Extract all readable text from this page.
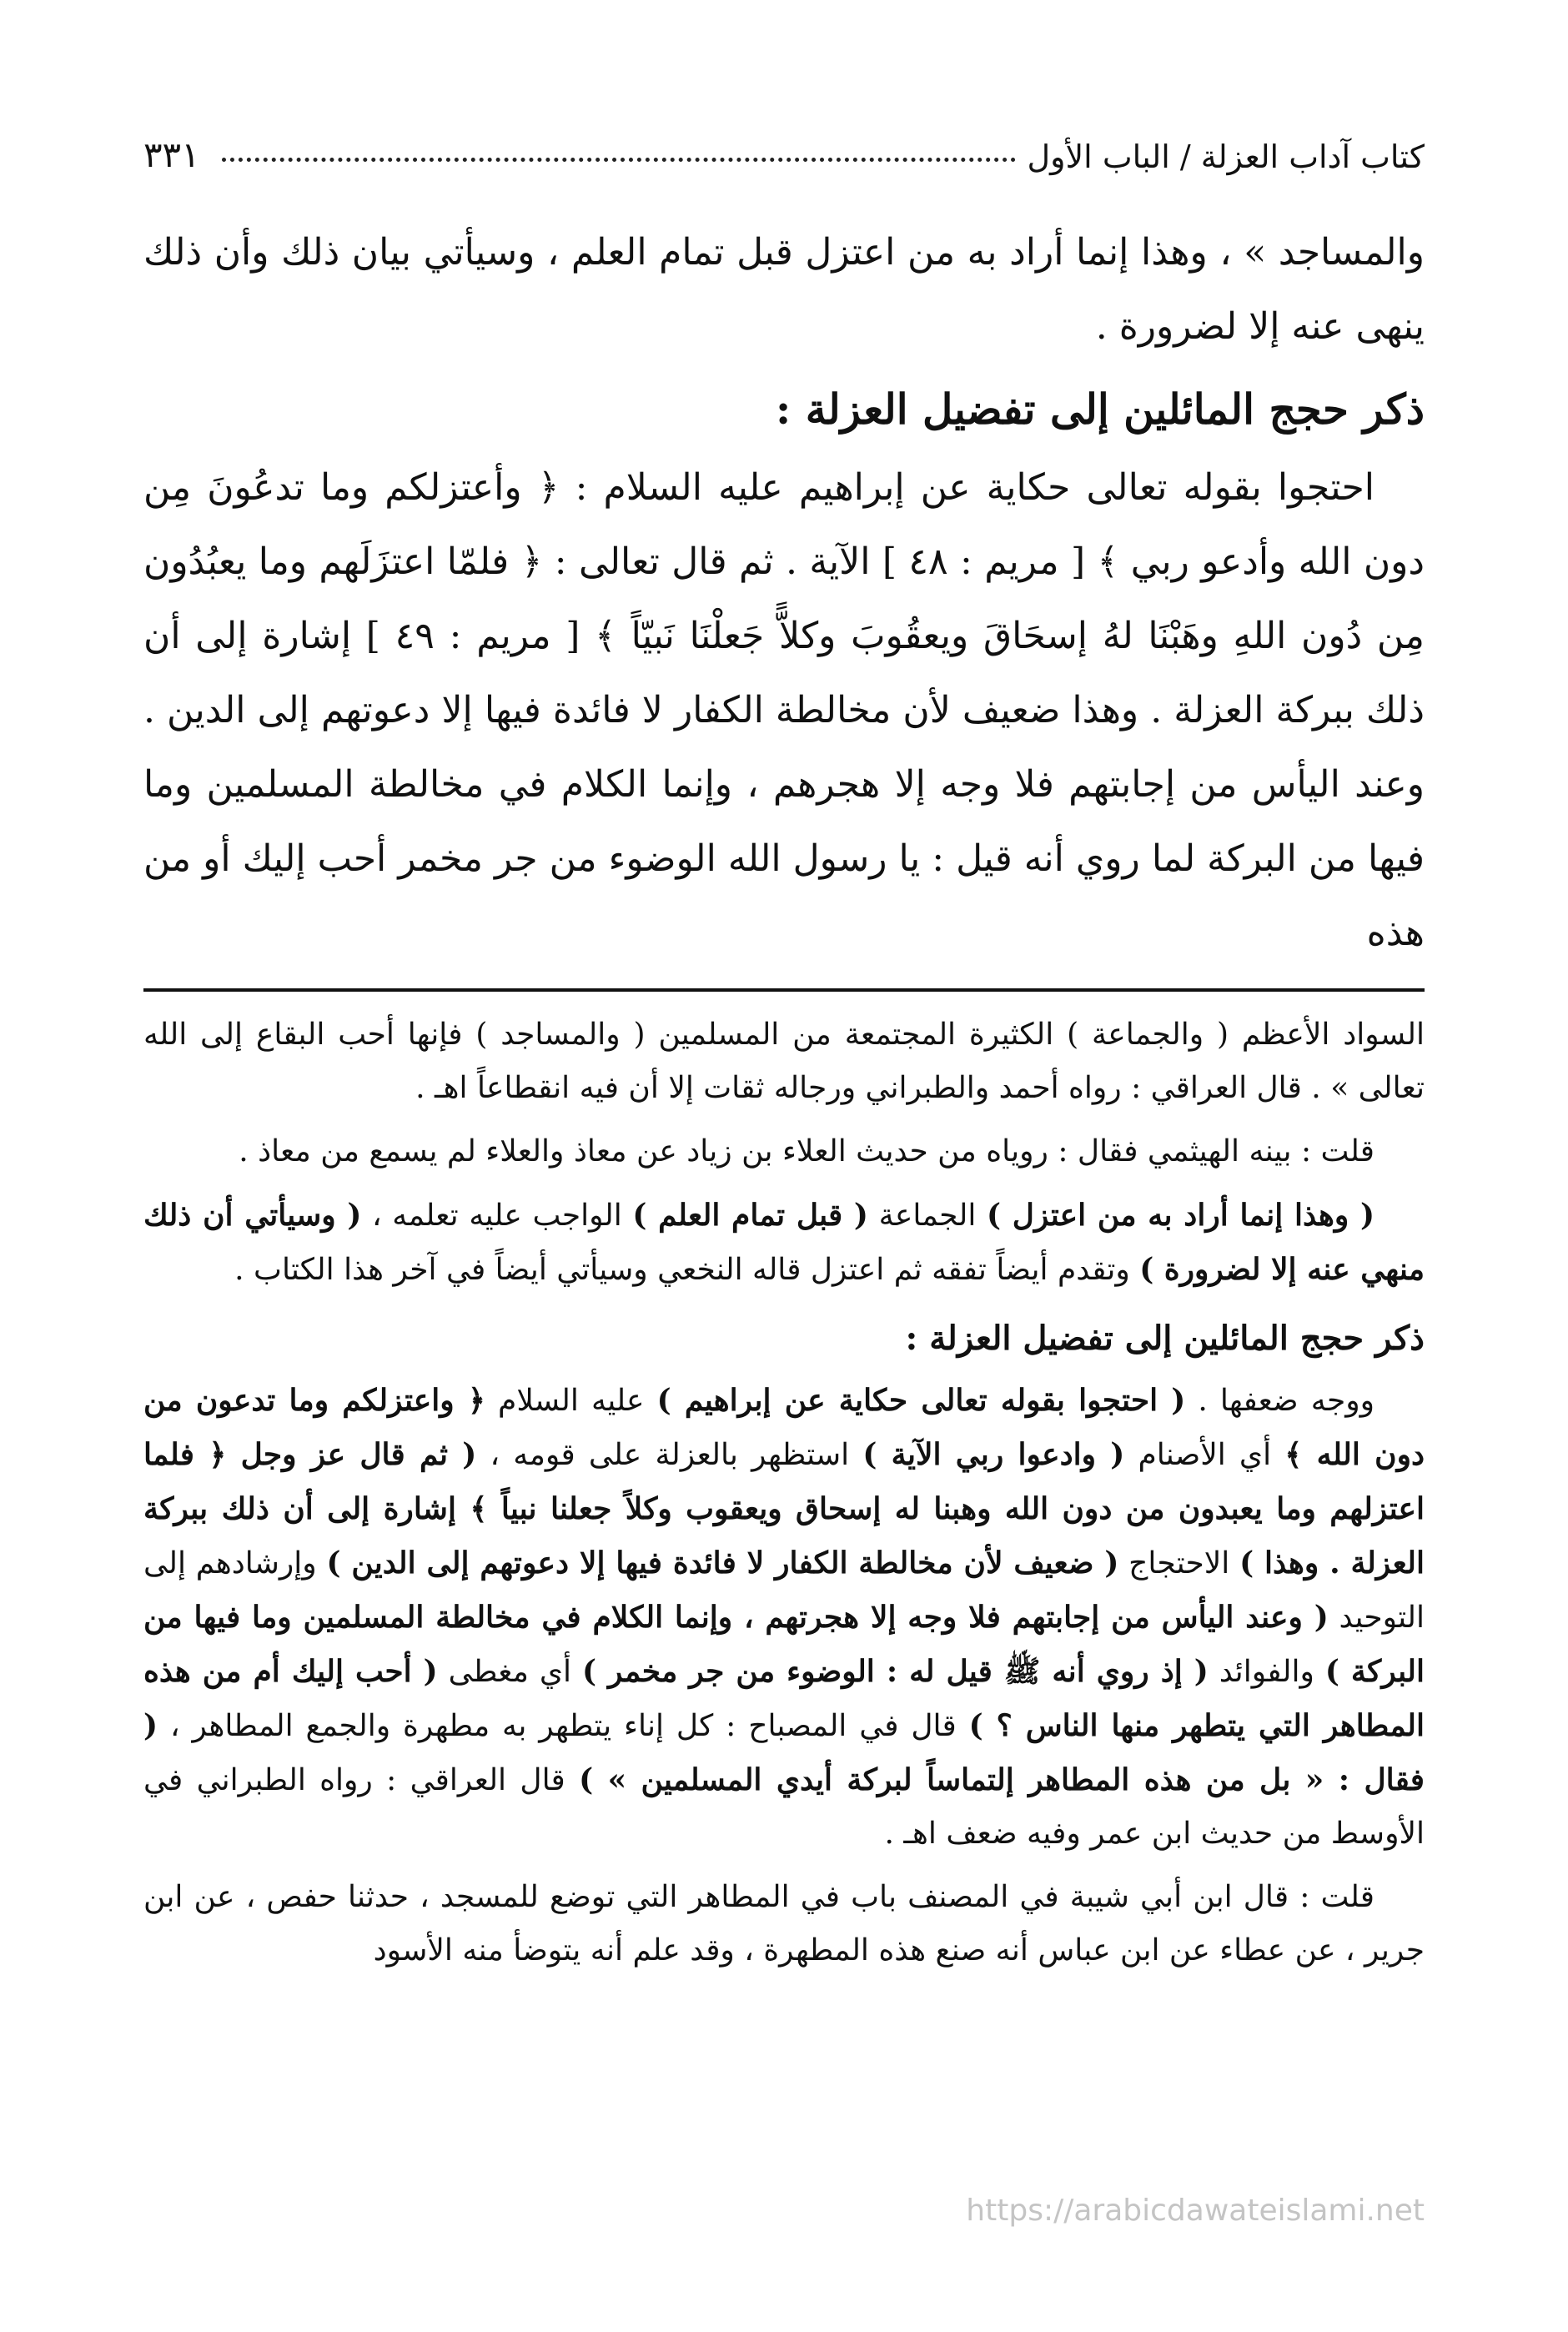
٣٣١	كتاب آداب العزلة / الباب الأول

والمساجد » ، وهذا إنما أراد به من اعتزل قبل تمام العلم ، وسيأتي بيان ذلك وأن ذلك ينهى عنه إلا لضرورة .

ذكر حجج المائلين إلى تفضيل العزلة :

احتجوا بقوله تعالى حكاية عن إبراهيم عليه السلام : ﴿ وأعتزلكم وما تدعُونَ مِن دون الله وأدعو ربي ﴾ [ مريم : ٤٨ ] الآية . ثم قال تعالى : ﴿ فلمّا اعتزَلَهم وما يعبُدُون مِن دُون اللهِ وهَبْنَا لهُ إسحَاقَ ويعقُوبَ وكلاًّ جَعلْنَا نَبيّاً ﴾ [ مريم : ٤٩ ] إشارة إلى أن ذلك ببركة العزلة . وهذا ضعيف لأن مخالطة الكفار لا فائدة فيها إلا دعوتهم إلى الدين . وعند اليأس من إجابتهم فلا وجه إلا هجرهم ، وإنما الكلام في مخالطة المسلمين وما فيها من البركة لما روي أنه قيل : يا رسول الله الوضوء من جر مخمر أحب إليك أو من هذه

السواد الأعظم ( والجماعة ) الكثيرة المجتمعة من المسلمين ( والمساجد ) فإنها أحب البقاع إلى الله تعالى » . قال العراقي : رواه أحمد والطبراني ورجاله ثقات إلا أن فيه انقطاعاً اهـ .

قلت : بينه الهيثمي فقال : روياه من حديث العلاء بن زياد عن معاذ والعلاء لم يسمع من معاذ .

( وهذا إنما أراد به من اعتزل ) الجماعة ( قبل تمام العلم ) الواجب عليه تعلمه ، ( وسيأتي أن ذلك منهي عنه إلا لضرورة ) وتقدم أيضاً تفقه ثم اعتزل قاله النخعي وسيأتي أيضاً في آخر هذا الكتاب .

ذكر حجج المائلين إلى تفضيل العزلة :

ووجه ضعفها . ( احتجوا بقوله تعالى حكاية عن إبراهيم ) عليه السلام ﴿ واعتزلكم وما تدعون من دون الله ﴾ أي الأصنام ( وادعوا ربي الآية ) استظهر بالعزلة على قومه ، ( ثم قال عز وجل ﴿ فلما اعتزلهم وما يعبدون من دون الله وهبنا له إسحاق ويعقوب وكلاً جعلنا نبياً ﴾ إشارة إلى أن ذلك ببركة العزلة . وهذا ) الاحتجاج ( ضعيف لأن مخالطة الكفار لا فائدة فيها إلا دعوتهم إلى الدين ) وإرشادهم إلى التوحيد ( وعند اليأس من إجابتهم فلا وجه إلا هجرتهم ، وإنما الكلام في مخالطة المسلمين وما فيها من البركة ) والفوائد ( إذ روي أنه ﷺ قيل له : الوضوء من جر مخمر ) أي مغطى ( أحب إليك أم من هذه المطاهر التي يتطهر منها الناس ؟ ) قال في المصباح : كل إناء يتطهر به مطهرة والجمع المطاهر ، ( فقال : « بل من هذه المطاهر إلتماساً لبركة أيدي المسلمين » ) قال العراقي : رواه الطبراني في الأوسط من حديث ابن عمر وفيه ضعف اهـ .

قلت : قال ابن أبي شيبة في المصنف باب في المطاهر التي توضع للمسجد ، حدثنا حفص ، عن ابن جرير ، عن عطاء عن ابن عباس أنه صنع هذه المطهرة ، وقد علم أنه يتوضأ منه الأسود

https://arabicdawateislami.net
